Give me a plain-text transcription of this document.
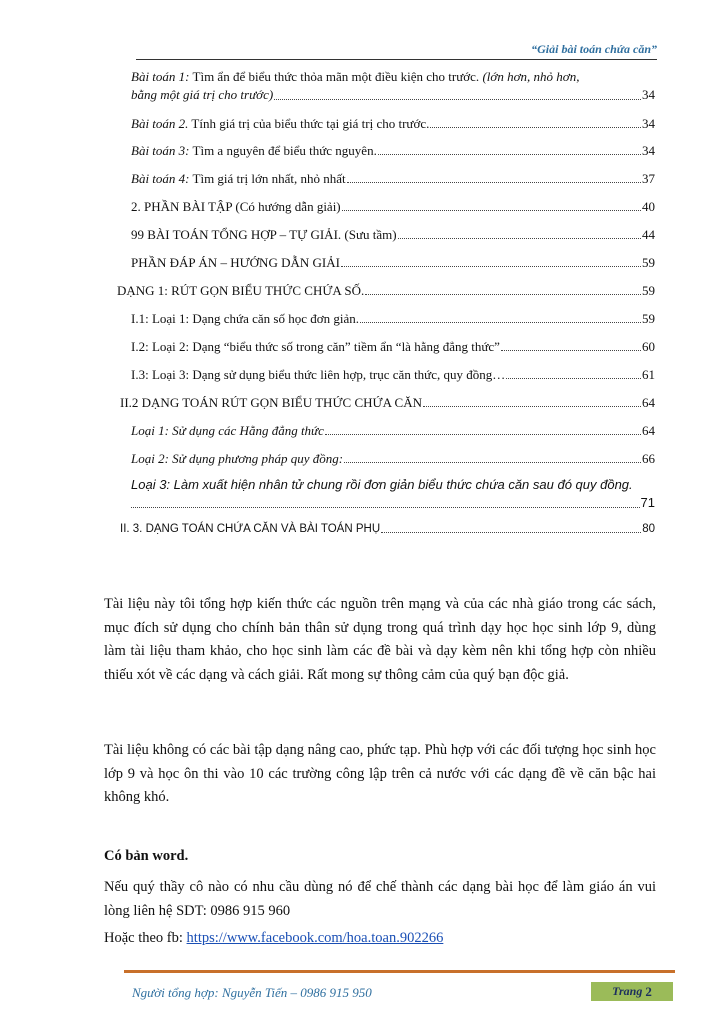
“Giải bài toán chứa căn”
Bài toán 1: Tìm ẩn để biểu thức thỏa mãn một điều kiện cho trước. (lớn hơn, nhỏ hơn,
bằng một giá trị cho trước)	34
Bài toán 2. Tính giá trị của biểu thức tại giá trị cho trước.	34
Bài toán 3: Tìm a nguyên để biểu thức nguyên.	34
Bài toán 4: Tìm giá trị lớn nhất, nhỏ nhất	37
2. PHẦN BÀI TẬP (Có hướng dẫn giải)	40
99 BÀI TOÁN TỔNG HỢP – TỰ GIẢI. (Sưu tầm)	44
PHẦN ĐÁP ÁN – HƯỚNG DẪN GIẢI	59
DẠNG 1: RÚT GỌN BIỂU THỨC CHỨA SỐ.	59
I.1: Loại 1: Dạng chứa căn số học đơn giản.	59
I.2: Loại 2: Dạng “biểu thức số trong căn” tiềm ẩn “là hằng đẳng thức”	60
I.3: Loại 3: Dạng sử dụng biểu thức liên hợp, trục căn thức, quy đồng…	61
II.2 DẠNG TOÁN RÚT GỌN BIỂU THỨC CHỨA CĂN	64
Loại 1: Sử dụng các Hằng đẳng thức	64
Loại 2: Sử dụng phương pháp quy đồng:	66
Loại 3: Làm xuất hiện nhân tử chung rồi đơn giản biểu thức chứa căn sau đó quy đồng.
71
II. 3. DẠNG TOÁN CHỨA CĂN VÀ BÀI TOÁN PHỤ	80
Tài liệu này tôi tổng hợp kiến thức các nguồn trên mạng và của các nhà giáo trong các sách, mục đích sử dụng cho chính bản thân sử dụng trong quá trình dạy học học sinh lớp 9, dùng làm tài liệu tham khảo, cho học sinh làm các đề bài và dạy kèm nên khi tổng hợp còn nhiều thiếu xót về các dạng và cách giải. Rất mong sự thông cảm của quý bạn độc giả.
Tài liệu không có các bài tập dạng nâng cao, phức tạp. Phù hợp với các đối tượng học sinh học lớp 9 và học ôn thi vào 10 các trường công lập trên cả nước với các dạng đề về căn bậc hai không khó.
Có bản word.
Nếu quý thầy cô nào có nhu cầu dùng nó để chế thành các dạng bài học để làm giáo án vui lòng liên hệ SDT: 0986 915 960
Hoặc theo fb: https://www.facebook.com/hoa.toan.902266
Người tổng hợp: Nguyễn Tiến – 0986 915 950	Trang 2
